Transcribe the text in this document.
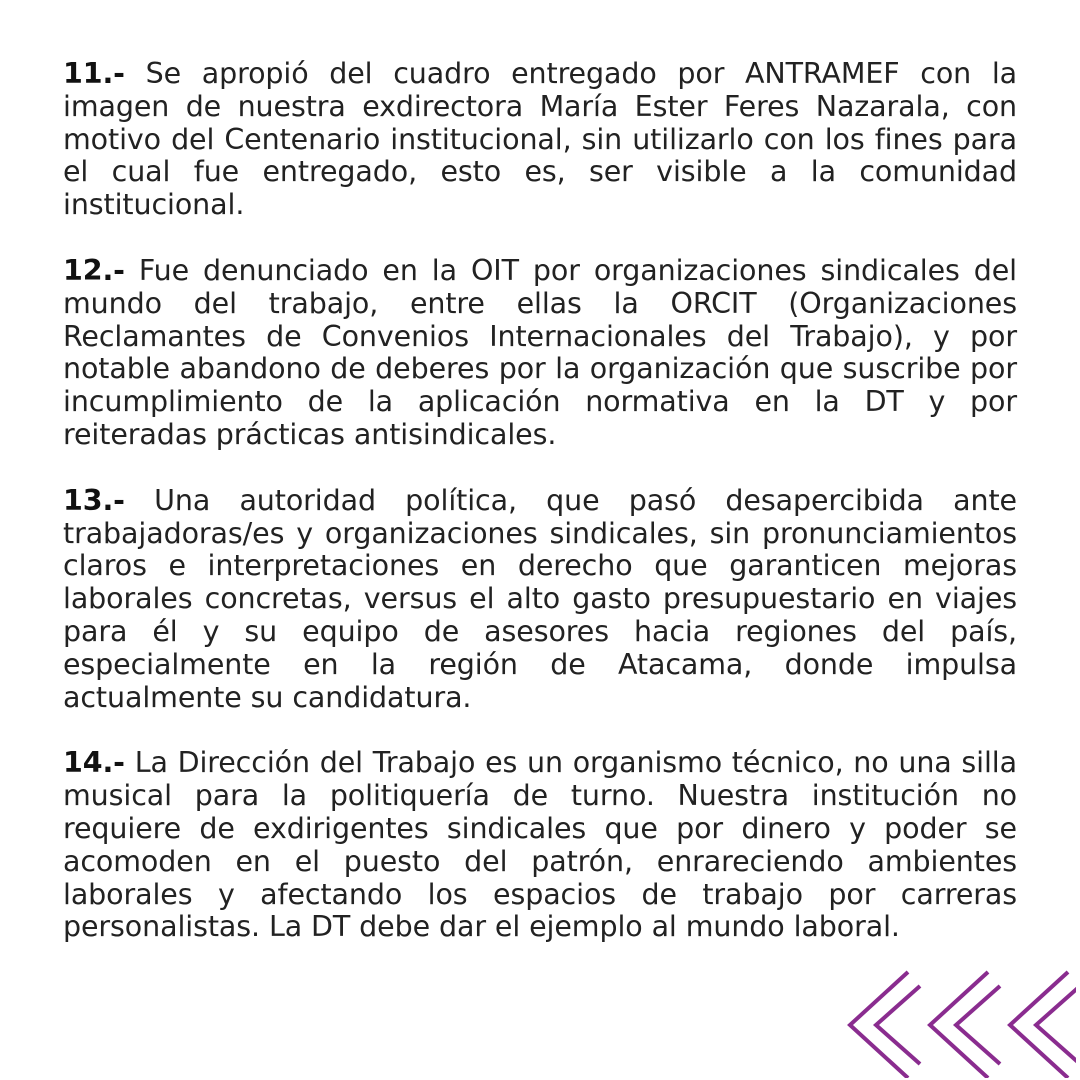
11.- Se apropió del cuadro entregado por ANTRAMEF con la imagen de nuestra exdirectora María Ester Feres Nazarala, con motivo del Centenario institucional, sin utilizarlo con los fines para el cual fue entregado, esto es, ser visible a la comunidad institucional.

12.- Fue denunciado en la OIT por organizaciones sindicales del mundo del trabajo, entre ellas la ORCIT (Organizaciones Reclamantes de Convenios Internacionales del Trabajo), y por notable abandono de deberes por la organización que suscribe por incumplimiento de la aplicación normativa en la DT y por reiteradas prácticas antisindicales.

13.- Una autoridad política, que pasó desapercibida ante trabajadoras/es y organizaciones sindicales, sin pronunciamientos claros e interpretaciones en derecho que garanticen mejoras laborales concretas, versus el alto gasto presupuestario en viajes para él y su equipo de asesores hacia regiones del país, especialmente en la región de Atacama, donde impulsa actualmente su candidatura.

14.- La Dirección del Trabajo es un organismo técnico, no una silla musical para la politiquería de turno. Nuestra institución no requiere de exdirigentes sindicales que por dinero y poder se acomoden en el puesto del patrón, enrareciendo ambientes laborales y afectando los espacios de trabajo por carreras personalistas. La DT debe dar el ejemplo al mundo laboral.
